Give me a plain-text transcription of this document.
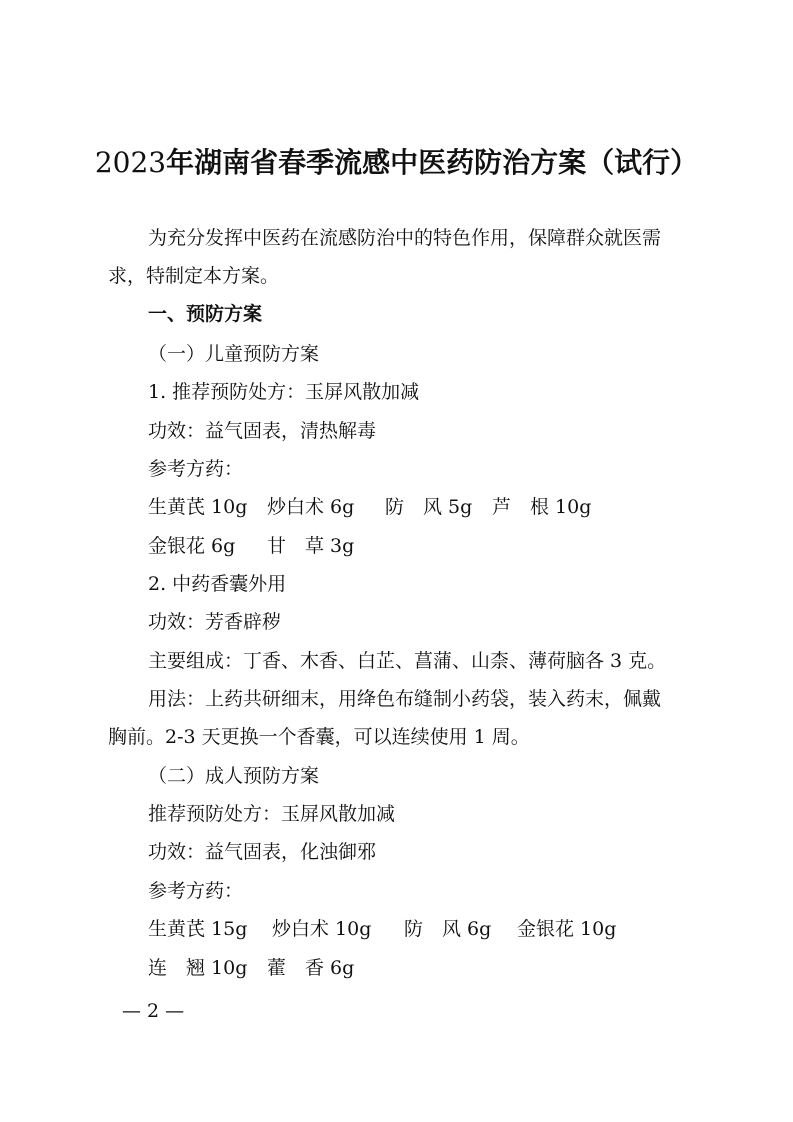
2023年湖南省春季流感中医药防治方案（试行）
为充分发挥中医药在流感防治中的特色作用，保障群众就医需
求，特制定本方案。
一、预防方案
（一）儿童预防方案
1. 推荐预防处方：玉屏风散加减
功效：益气固表，清热解毒
参考方药：
生黄芪 10g 炒白术 6g 防　风 5g 芦　根 10g
金银花 6g 甘　草 3g
2. 中药香囊外用
功效：芳香辟秽
主要组成：丁香、木香、白芷、菖蒲、山柰、薄荷脑各 3 克。
用法：上药共研细末，用绛色布缝制小药袋，装入药末，佩戴
胸前。2-3 天更换一个香囊，可以连续使用 1 周。
（二）成人预防方案
推荐预防处方：玉屏风散加减
功效：益气固表，化浊御邪
参考方药：
生黄芪 15g 炒白术 10g 防　风 6g 金银花 10g
连　翘 10g 藿　香 6g
— 2 —
